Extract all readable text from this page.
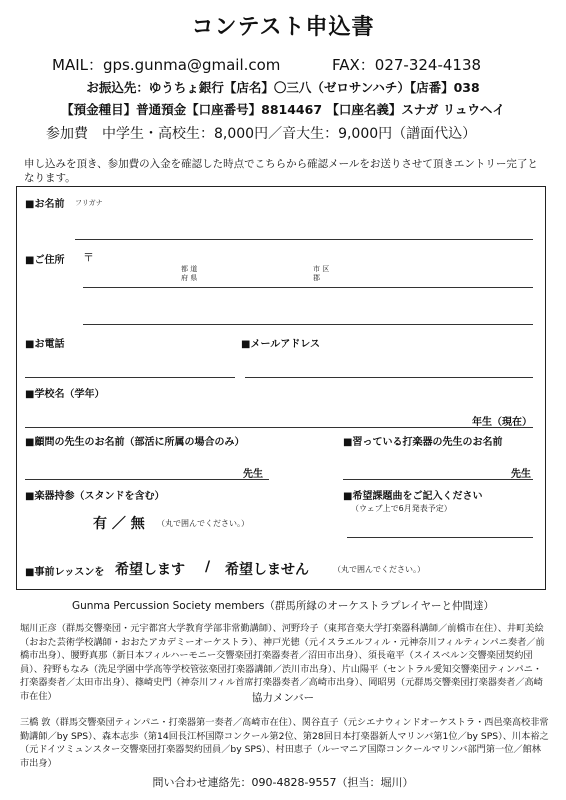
コンテスト申込書
MAIL：gps.gunma@gmail.com	FAX：027-324-4138
お振込先：ゆうちょ銀行【店名】〇三八（ゼロサンハチ）【店番】038
【預金種目】普通預金【口座番号】8814467 【口座名義】スナガ リュウヘイ
参加費　中学生・高校生：8,000円／音大生：9,000円（譜面代込）
申し込みを頂き、参加費の入金を確認した時点でこちらから確認メールをお送りさせて頂きエントリー完了となります。
■お名前 フリガナ
■ご住所 〒
都 道
府 県
市 区
郡
■お電話	■メールアドレス
■学校名（学年）
年生（現在）
■顧問の先生のお名前（部活に所属の場合のみ）	■習っている打楽器の先生のお名前
先生	先生
■楽器持参（スタンドを含む）
有 ／ 無 （丸で囲んでください。）
■希望課題曲をご記入ください
（ウェブ上で6月発表予定）
■事前レッスンを 希望します / 希望しません	（丸で囲んでください。）
Gunma Percussion Society members（群馬所縁のオーケストラプレイヤーと仲間達）
堀川正彦（群馬交響楽団・元宇都宮大学教育学部非常勤講師）、河野玲子（東邦音楽大学打楽器科講師／前橋市在住）、井町美絵（おおた芸術学校講師・おおたアカデミーオーケストラ）、神戸光徳（元イスラエルフィル・元神奈川フィルティンパニ奏者／前橋市出身）、腰野真那（新日本フィルハーモニー交響楽団打楽器奏者／沼田市出身）、須長竜平（スイスベルン交響楽団契約団員）、狩野もなみ（洗足学園中学高等学校管弦楽団打楽器講師／渋川市出身）、片山陽平（セントラル愛知交響楽団ティンパニ・打楽器奏者／太田市出身）、篠崎史門（神奈川フィル首席打楽器奏者／高崎市出身）、岡昭男（元群馬交響楽団打楽器奏者／高崎市在住）	協力メンバー
三橋 敦（群馬交響楽団ティンパニ・打楽器第一奏者／高崎市在住）、関谷直子（元シエナウィンドオーケストラ・西邑楽高校非常勤講師／by SPS）、森本志歩（第14回長江杯国際コンクール第2位、第28回日本打楽器新人マリンバ第1位／by SPS）、川本裕之（元ドイツミュンスター交響楽団打楽器契約団員／by SPS）、村田恵子（ルーマニア国際コンクールマリンバ部門第一位／館林市出身）
問い合わせ連絡先：090-4828-9557（担当：堀川）
